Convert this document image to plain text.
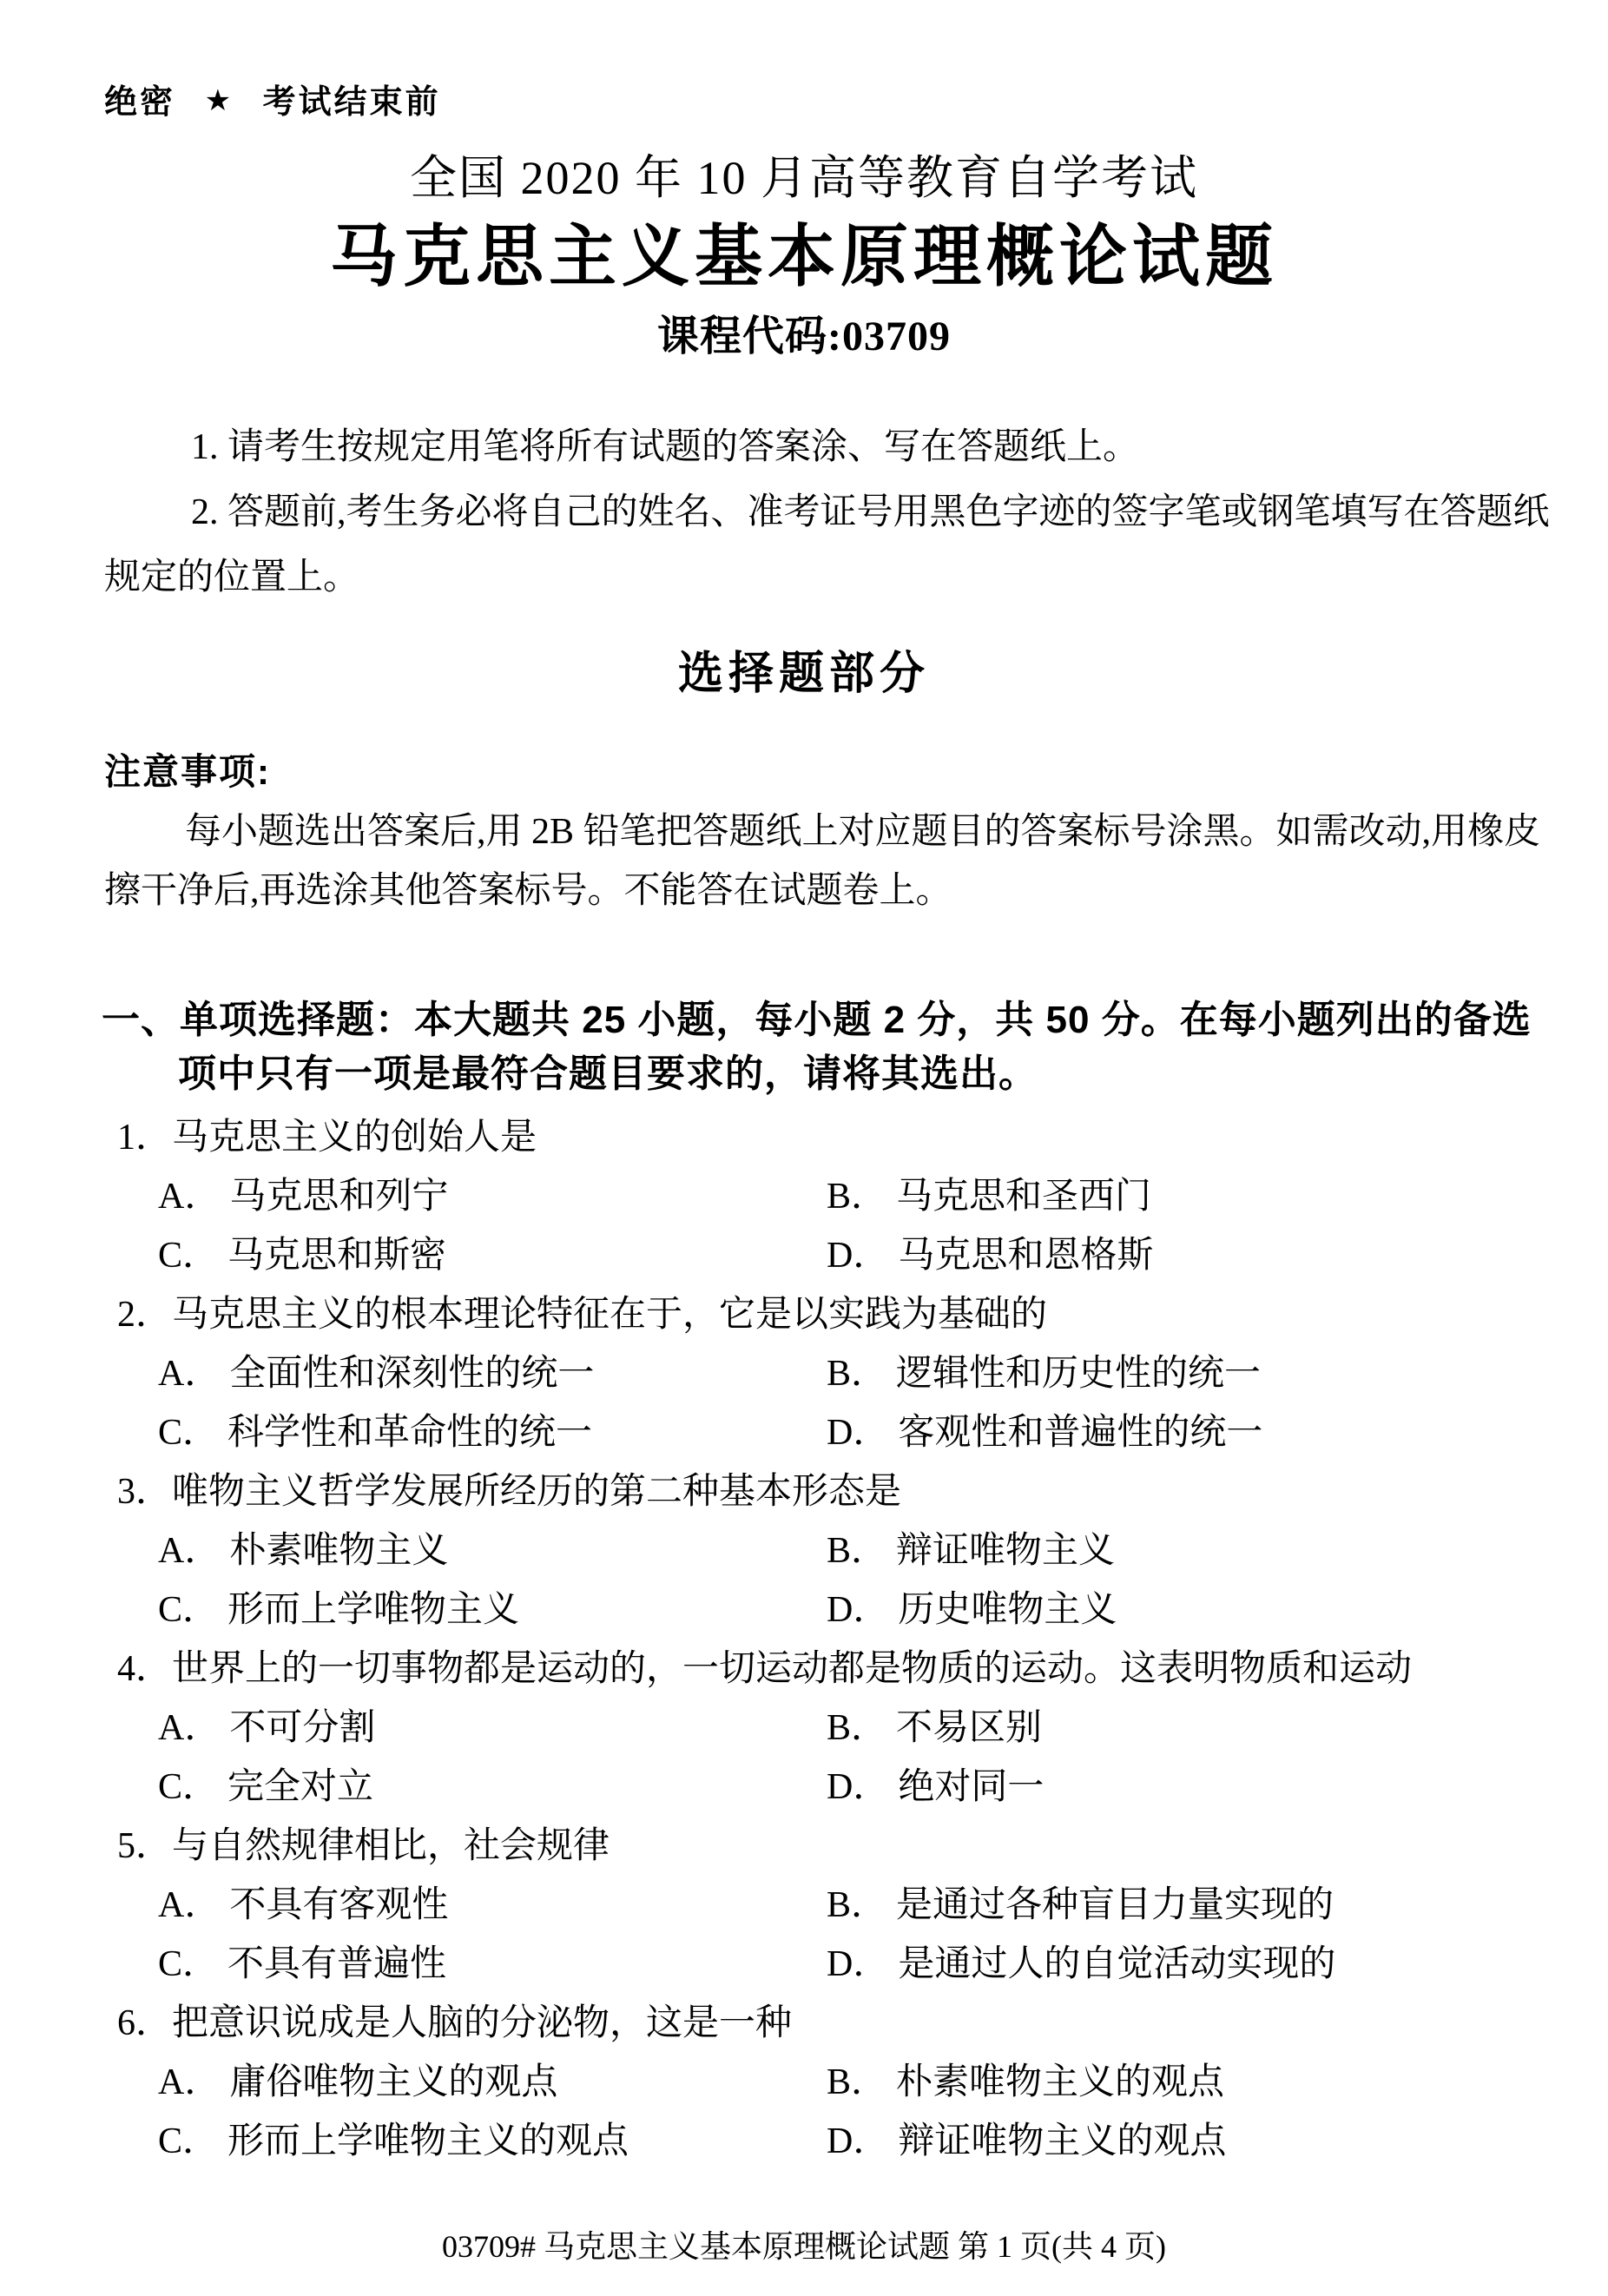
绝密 ★ 考试结束前
全国 2020 年 10 月高等教育自学考试
马克思主义基本原理概论试题
课程代码:03709

1. 请考生按规定用笔将所有试题的答案涂、写在答题纸上。

2. 答题前,考生务必将自己的姓名、准考证号用黑色字迹的签字笔或钢笔填写在答题纸规定的位置上。

选择题部分
注意事项:

每小题选出答案后,用 2B 铅笔把答题纸上对应题目的答案标号涂黑。如需改动,用橡皮擦干净后,再选涂其他答案标号。不能答在试题卷上。

一、单项选择题：本大题共 25 小题，每小题 2 分，共 50 分。在每小题列出的备选项中只有一项是最符合题目要求的，请将其选出。
1．马克思主义的创始人是
A． 马克思和列宁	B． 马克思和圣西门
C． 马克思和斯密	D． 马克思和恩格斯
2．马克思主义的根本理论特征在于，它是以实践为基础的
A． 全面性和深刻性的统一	B． 逻辑性和历史性的统一
C． 科学性和革命性的统一	D． 客观性和普遍性的统一
3．唯物主义哲学发展所经历的第二种基本形态是
A． 朴素唯物主义	B． 辩证唯物主义
C． 形而上学唯物主义	D． 历史唯物主义
4．世界上的一切事物都是运动的，一切运动都是物质的运动。这表明物质和运动
A． 不可分割	B． 不易区别
C． 完全对立	D． 绝对同一
5．与自然规律相比，社会规律
A． 不具有客观性	B． 是通过各种盲目力量实现的
C． 不具有普遍性	D． 是通过人的自觉活动实现的
6．把意识说成是人脑的分泌物，这是一种
A． 庸俗唯物主义的观点	B． 朴素唯物主义的观点
C． 形而上学唯物主义的观点	D． 辩证唯物主义的观点
03709# 马克思主义基本原理概论试题 第 1 页(共 4 页)
